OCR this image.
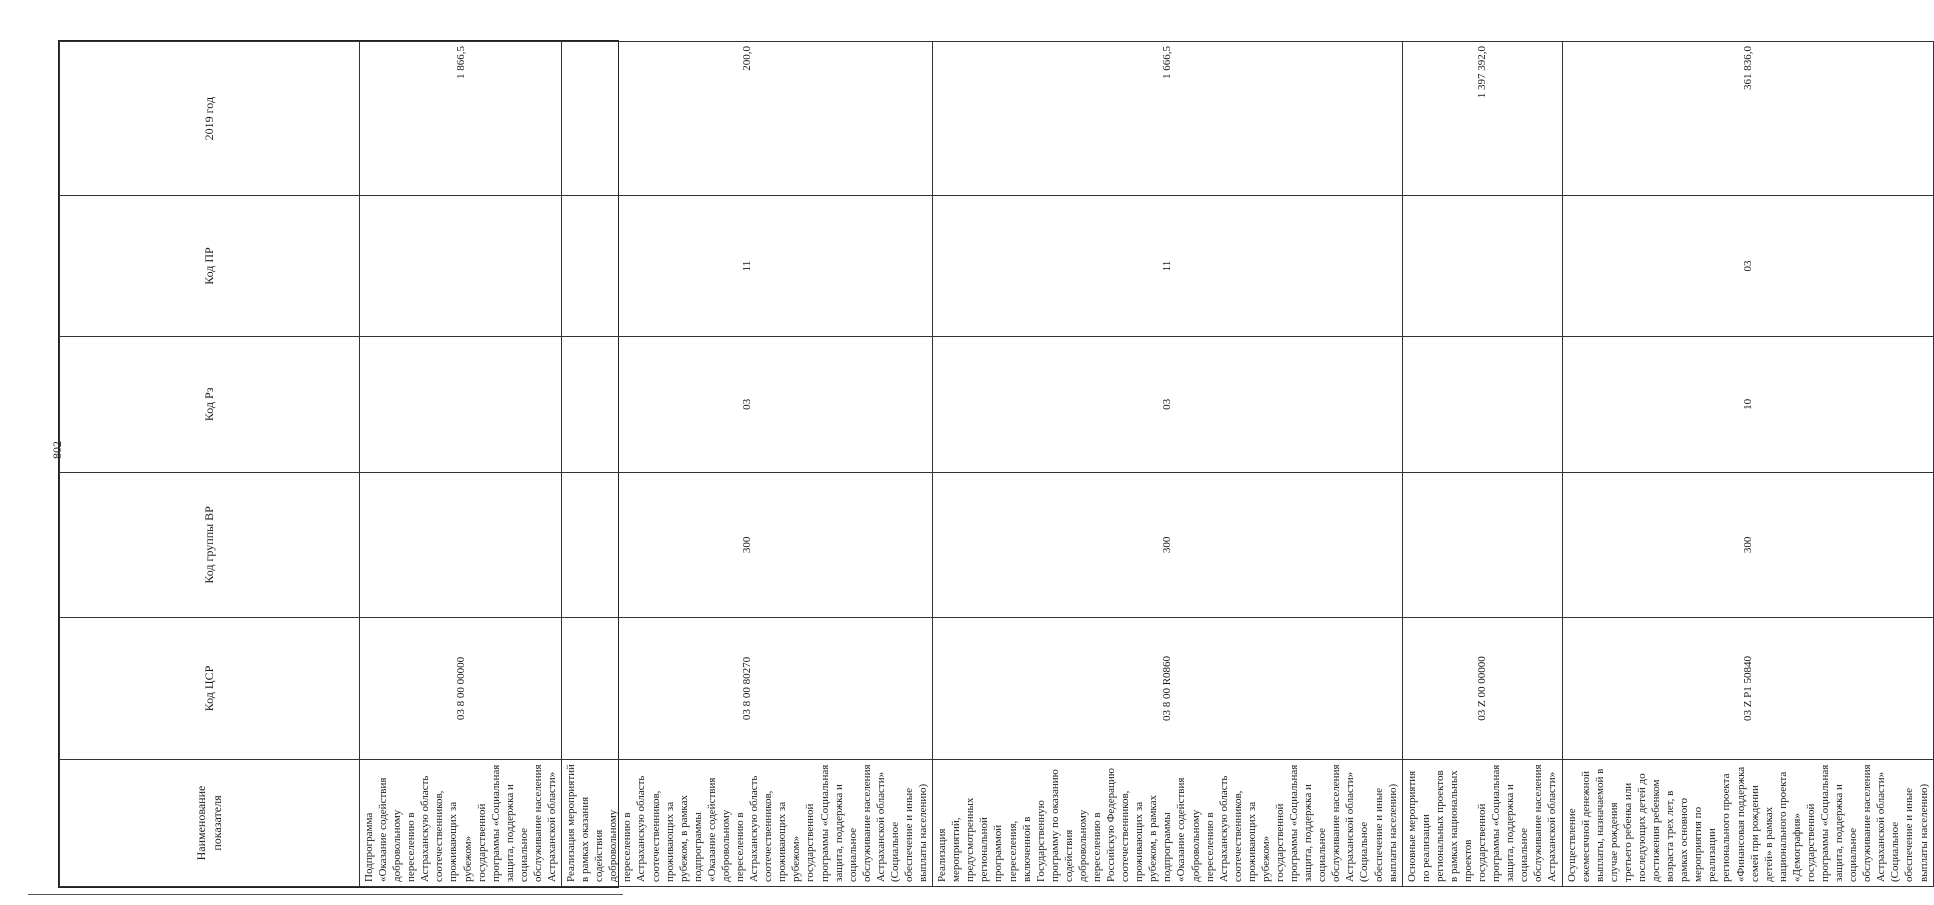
802
Наименование показателя	Код ЦСР	Код группы ВР	Код Рз	Код ПР	2019 год
Подпрограмма «Оказание содействия добровольному переселению в Астраханскую область соотечественников, проживающих за рубежом» государственной программы «Социальная защита, поддержка и социальное обслуживание населения Астраханской области»	03 8 00 00000				1 866,5
Реализация мероприятий в рамках оказания содействия добровольному переселению в Астраханскую область соотечественников, проживающих за рубежом, в рамках подпрограммы «Оказание содействия добровольному переселению в Астраханскую область соотечественников, проживающих за рубежом» государственной программы «Социальная защита, поддержка и социальное обслуживание населения Астраханской области» (Социальное обеспечение и иные выплаты населению)	03 8 00 80270	300	03	11	200,0
Реализация мероприятий, предусмотренных региональной программой переселения, включенной в Государственную программу по оказанию содействия добровольному переселению в Российскую Федерацию соотечественников, проживающих за рубежом, в рамках подпрограммы «Оказание содействия добровольному переселению в Астраханскую область соотечественников, проживающих за рубежом» государственной программы «Социальная защита, поддержка и социальное обслуживание населения Астраханской области» (Социальное обеспечение и иные выплаты населению)	03 8 00 R0860	300	03	11	1 666,5
Основные мероприятия по реализации региональных проектов в рамках национальных проектов государственной программы «Социальная защита, поддержка и социальное обслуживание населения Астраханской области»	03 Z 00 00000				1 397 392,0
Осуществление ежемесячной денежной выплаты, назначаемой в случае рождения третьего ребенка или последующих детей до достижения ребенком возраста трех лет, в рамках основного мероприятия по реализации регионального проекта «Финансовая поддержка семей при рождении детей» в рамках национального проекта «Демография» государственной программы «Социальная защита, поддержка и социальное обслуживание населения Астраханской области» (Социальное обеспечение и иные выплаты населению)	03 Z P1 50840	300	10	03	361 836,0
